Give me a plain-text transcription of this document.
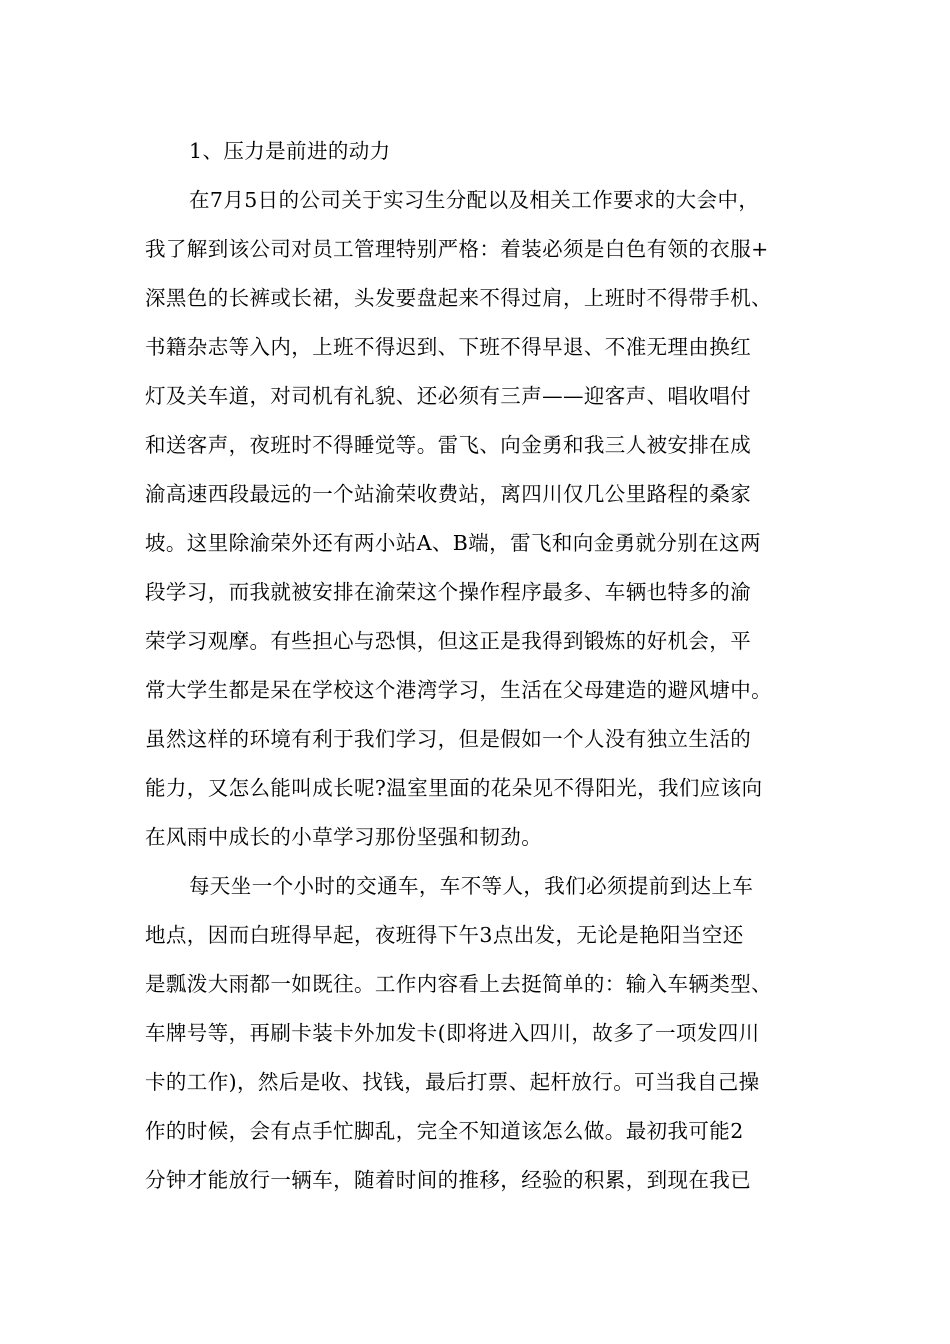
1、压力是前进的动力
在7月5日的公司关于实习生分配以及相关工作要求的大会中，
我了解到该公司对员工管理特别严格：着装必须是白色有领的衣服+
深黑色的长裤或长裙，头发要盘起来不得过肩，上班时不得带手机、
书籍杂志等入内，上班不得迟到、下班不得早退、不准无理由换红
灯及关车道，对司机有礼貌、还必须有三声——迎客声、唱收唱付
和送客声，夜班时不得睡觉等。雷飞、向金勇和我三人被安排在成
渝高速西段最远的一个站渝荣收费站，离四川仅几公里路程的桑家
坡。这里除渝荣外还有两小站A、B端，雷飞和向金勇就分别在这两
段学习，而我就被安排在渝荣这个操作程序最多、车辆也特多的渝
荣学习观摩。有些担心与恐惧，但这正是我得到锻炼的好机会，平
常大学生都是呆在学校这个港湾学习，生活在父母建造的避风塘中。
虽然这样的环境有利于我们学习，但是假如一个人没有独立生活的
能力，又怎么能叫成长呢?温室里面的花朵见不得阳光，我们应该向
在风雨中成长的小草学习那份坚强和韧劲。
每天坐一个小时的交通车，车不等人，我们必须提前到达上车
地点，因而白班得早起，夜班得下午3点出发，无论是艳阳当空还
是瓢泼大雨都一如既往。工作内容看上去挺简单的：输入车辆类型、
车牌号等，再刷卡装卡外加发卡(即将进入四川，故多了一项发四川
卡的工作)，然后是收、找钱，最后打票、起杆放行。可当我自己操
作的时候，会有点手忙脚乱，完全不知道该怎么做。最初我可能2
分钟才能放行一辆车，随着时间的推移，经验的积累，到现在我已
